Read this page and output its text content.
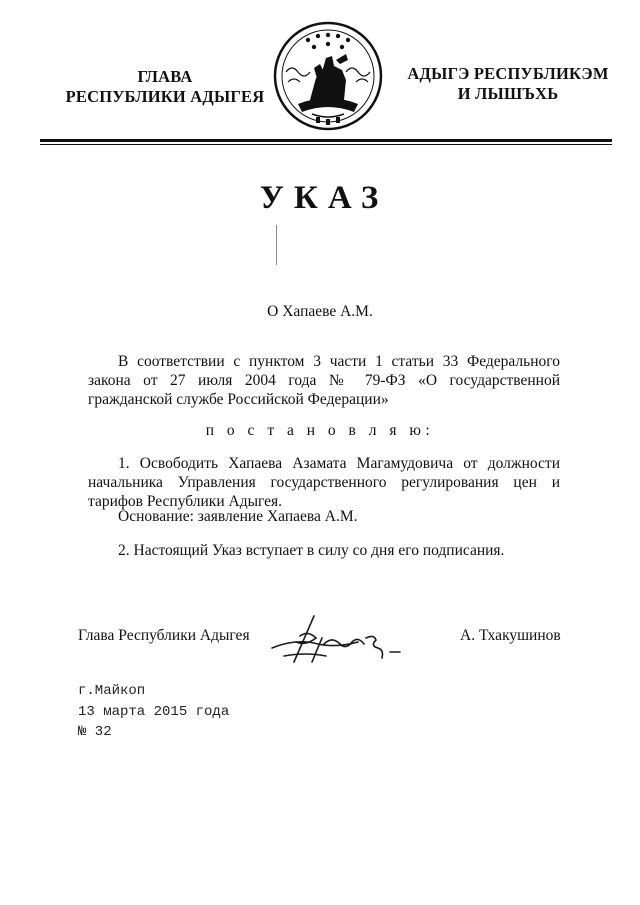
ГЛАВА
РЕСПУБЛИКИ АДЫГЕЯ
АДЫГЭ РЕСПУБЛИКЭМ
И ЛЫШЪХЬ
УКАЗ
О Хапаеве А.М.
В соответствии с пунктом 3 части 1 статьи 33 Федерального закона от 27 июля 2004 года № 79-ФЗ «О государственной гражданской службе Российской Федерации»
п о с т а н о в л я ю:
1. Освободить Хапаева Азамата Магамудовича от должности начальника Управления государственного регулирования цен и тарифов Республики Адыгея.
Основание: заявление Хапаева А.М.
2. Настоящий Указ вступает в силу со дня его подписания.
Глава Республики Адыгея	А. Тхакушинов
г.Майкоп
13 марта 2015 года
№ 32
